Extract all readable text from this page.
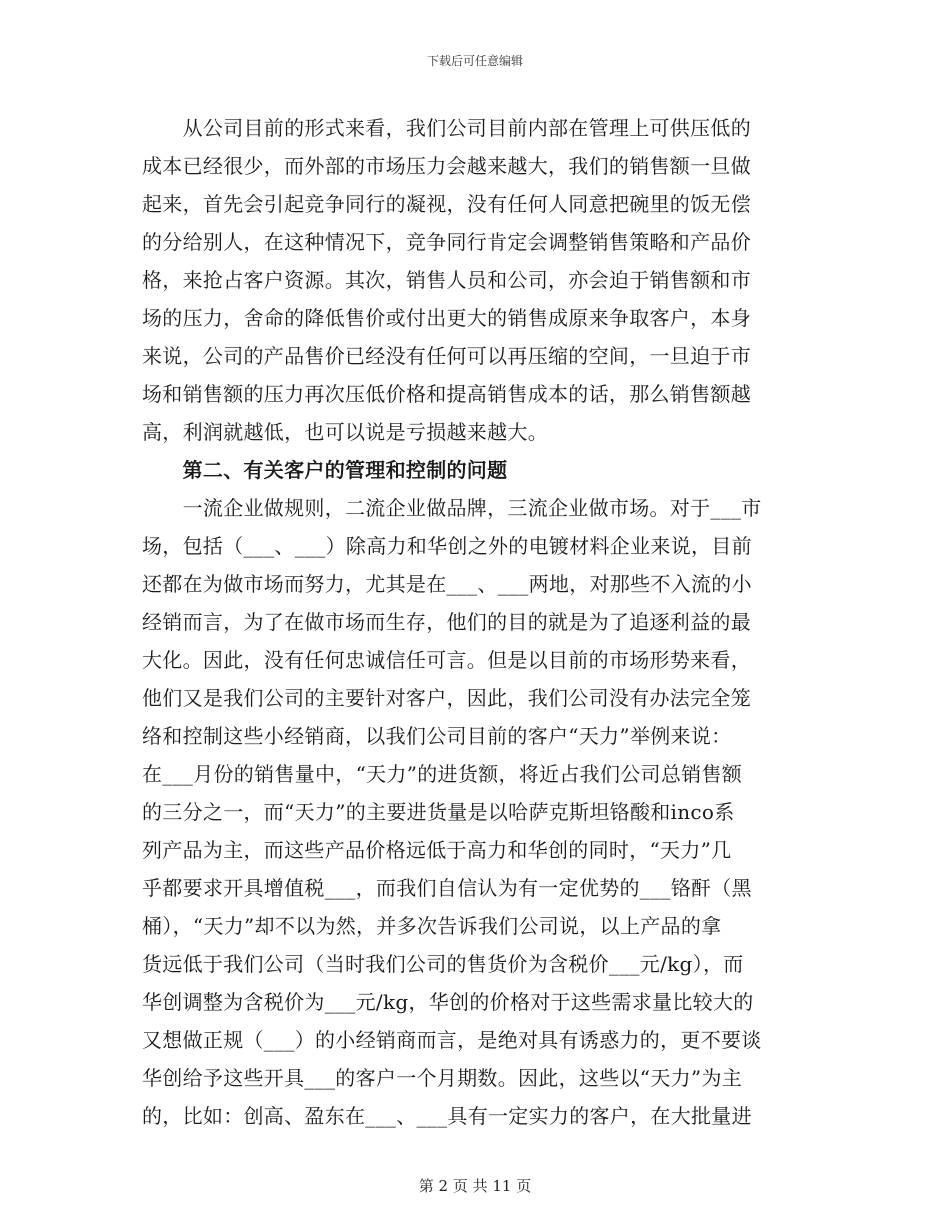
下载后可任意编辑
　　从公司目前的形式来看，我们公司目前内部在管理上可供压低的
成本已经很少，而外部的市场压力会越来越大，我们的销售额一旦做
起来，首先会引起竞争同行的凝视，没有任何人同意把碗里的饭无偿
的分给别人，在这种情况下，竞争同行肯定会调整销售策略和产品价
格，来抢占客户资源。其次，销售人员和公司，亦会迫于销售额和市
场的压力，舍命的降低售价或付出更大的销售成原来争取客户，本身
来说，公司的产品售价已经没有任何可以再压缩的空间，一旦迫于市
场和销售额的压力再次压低价格和提高销售成本的话，那么销售额越
高，利润就越低，也可以说是亏损越来越大。
　　第二、有关客户的管理和控制的问题
　　一流企业做规则，二流企业做品牌，三流企业做市场。对于___市
场，包括（___、___）除高力和华创之外的电镀材料企业来说，目前
还都在为做市场而努力，尤其是在___、___两地，对那些不入流的小
经销而言，为了在做市场而生存，他们的目的就是为了追逐利益的最
大化。因此，没有任何忠诚信任可言。但是以目前的市场形势来看，
他们又是我们公司的主要针对客户，因此，我们公司没有办法完全笼
络和控制这些小经销商，以我们公司目前的客户“天力”举例来说：
在___月份的销售量中，“天力”的进货额，将近占我们公司总销售额
的三分之一，而“天力”的主要进货量是以哈萨克斯坦铬酸和inco系
列产品为主，而这些产品价格远低于高力和华创的同时，“天力”几
乎都要求开具增值税___，而我们自信认为有一定优势的___铬酐（黑
桶），“天力”却不以为然，并多次告诉我们公司说，以上产品的拿
货远低于我们公司（当时我们公司的售货价为含税价___元/kg），而
华创调整为含税价为___元/kg，华创的价格对于这些需求量比较大的
又想做正规（___）的小经销商而言，是绝对具有诱惑力的，更不要谈
华创给予这些开具___的客户一个月期数。因此，这些以“天力”为主
的，比如：创高、盈东在___、___具有一定实力的客户，在大批量进
第 2 页 共 11 页
